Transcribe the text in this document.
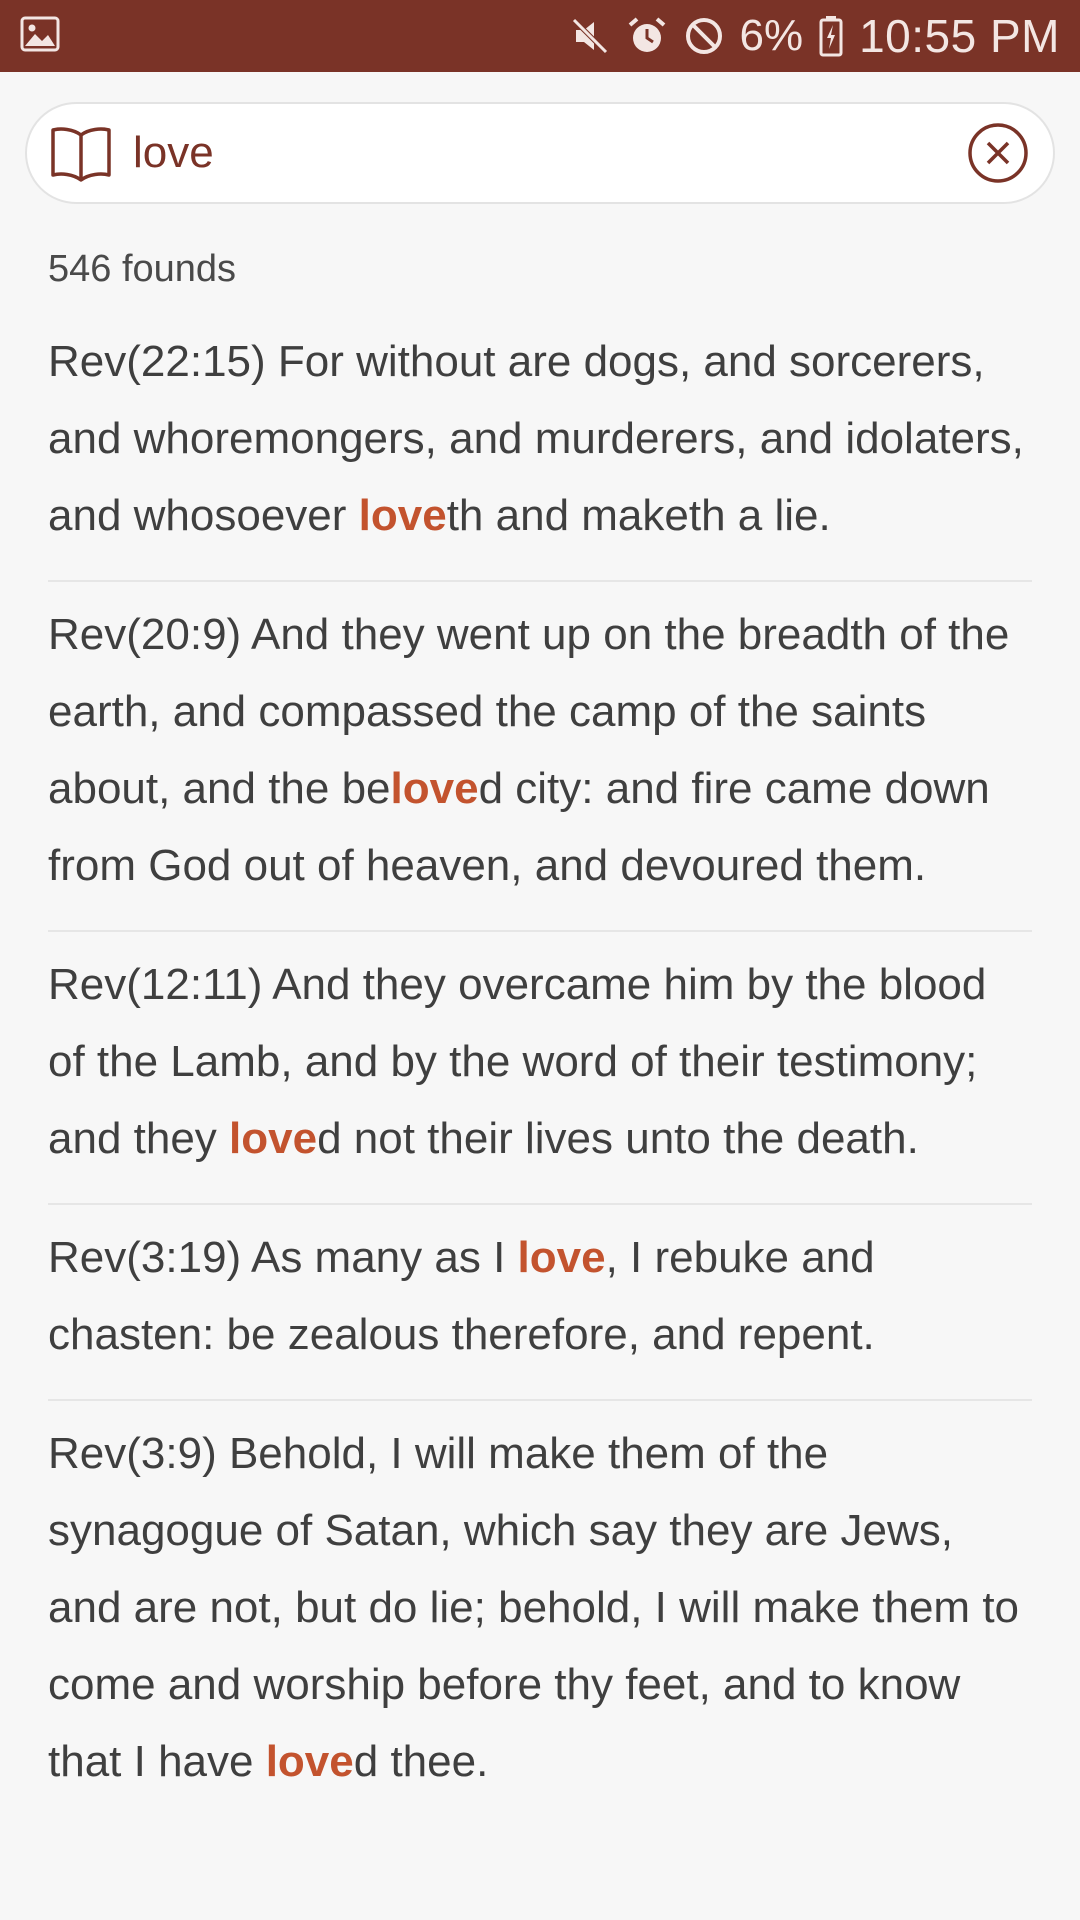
6% 10:55 PM
love
546 founds
Rev(22:15) For without are dogs, and sorcerers, and whoremongers, and murderers, and idolaters, and whosoever loveth and maketh a lie.
Rev(20:9) And they went up on the breadth of the earth, and compassed the camp of the saints about, and the beloved city: and fire came down from God out of heaven, and devoured them.
Rev(12:11) And they overcame him by the blood of the Lamb, and by the word of their testimony; and they loved not their lives unto the death.
Rev(3:19) As many as I love, I rebuke and chasten: be zealous therefore, and repent.
Rev(3:9) Behold, I will make them of the synagogue of Satan, which say they are Jews, and are not, but do lie; behold, I will make them to come and worship before thy feet, and to know that I have loved thee.
